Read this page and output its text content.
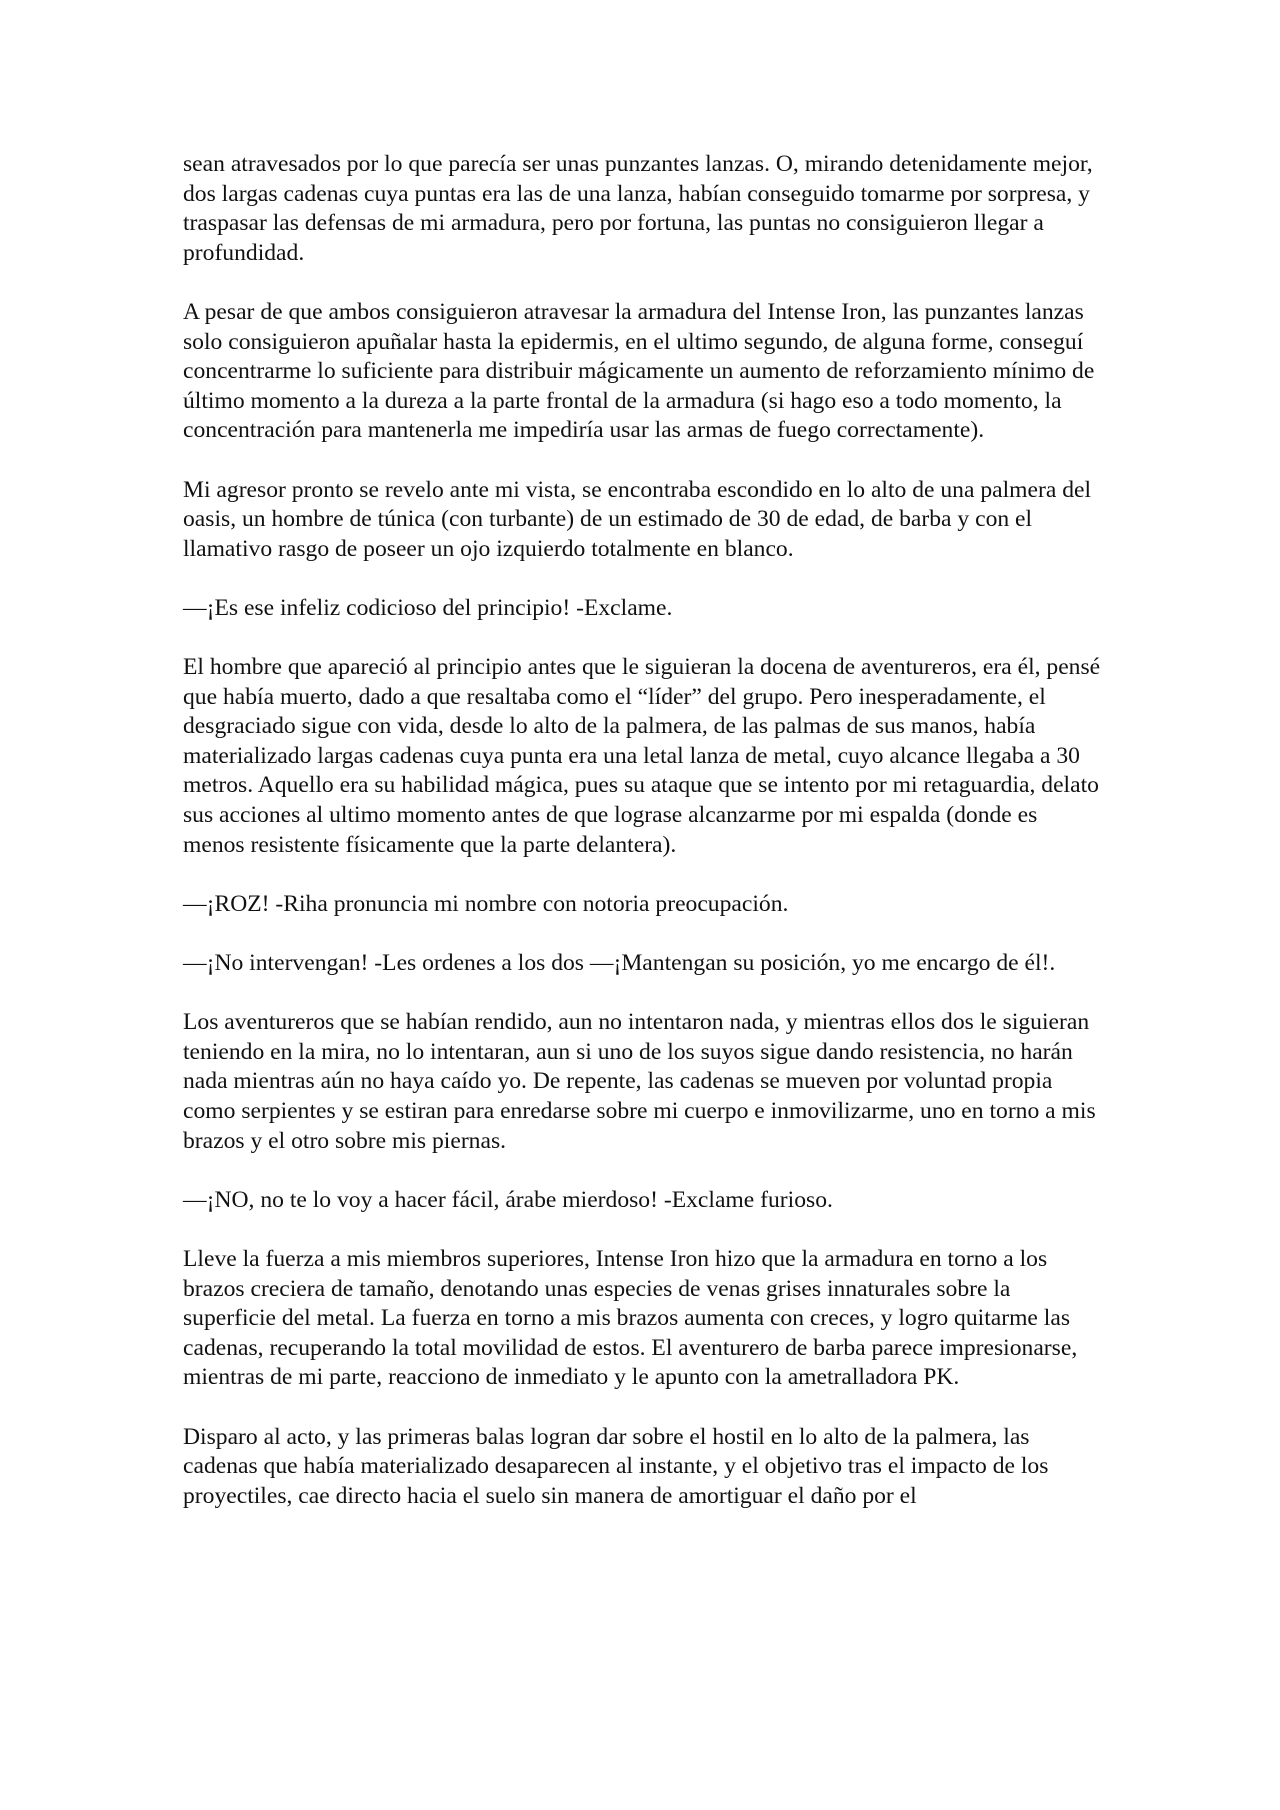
sean atravesados por lo que parecía ser unas punzantes lanzas. O, mirando detenidamente mejor, dos largas cadenas cuya puntas era las de una lanza, habían conseguido tomarme por sorpresa, y traspasar las defensas de mi armadura, pero por fortuna, las puntas no consiguieron llegar a profundidad.

A pesar de que ambos consiguieron atravesar la armadura del Intense Iron, las punzantes lanzas solo consiguieron apuñalar hasta la epidermis, en el ultimo segundo, de alguna forme, conseguí concentrarme lo suficiente para distribuir mágicamente un aumento de reforzamiento mínimo de último momento a la dureza a la parte frontal de la armadura (si hago eso a todo momento, la concentración para mantenerla me impediría usar las armas de fuego correctamente).

Mi agresor pronto se revelo ante mi vista, se encontraba escondido en lo alto de una palmera del oasis, un hombre de túnica (con turbante) de un estimado de 30 de edad, de barba y con el llamativo rasgo de poseer un ojo izquierdo totalmente en blanco.

—¡Es ese infeliz codicioso del principio! -Exclame.

El hombre que apareció al principio antes que le siguieran la docena de aventureros, era él, pensé que había muerto, dado a que resaltaba como el “líder” del grupo. Pero inesperadamente, el desgraciado sigue con vida, desde lo alto de la palmera, de las palmas de sus manos, había materializado largas cadenas cuya punta era una letal lanza de metal, cuyo alcance llegaba a 30 metros. Aquello era su habilidad mágica, pues su ataque que se intento por mi retaguardia, delato sus acciones al ultimo momento antes de que lograse alcanzarme por mi espalda (donde es menos resistente físicamente que la parte delantera).

—¡ROZ! -Riha pronuncia mi nombre con notoria preocupación.

—¡No intervengan! -Les ordenes a los dos —¡Mantengan su posición, yo me encargo de él!.

Los aventureros que se habían rendido, aun no intentaron nada, y mientras ellos dos le siguieran teniendo en la mira, no lo intentaran, aun si uno de los suyos sigue dando resistencia, no harán nada mientras aún no haya caído yo. De repente, las cadenas se mueven por voluntad propia como serpientes y se estiran para enredarse sobre mi cuerpo e inmovilizarme, uno en torno a mis brazos y el otro sobre mis piernas.

—¡NO, no te lo voy a hacer fácil, árabe mierdoso! -Exclame furioso.

Lleve la fuerza a mis miembros superiores, Intense Iron hizo que la armadura en torno a los brazos creciera de tamaño, denotando unas especies de venas grises innaturales sobre la superficie del metal. La fuerza en torno a mis brazos aumenta con creces, y logro quitarme las cadenas, recuperando la total movilidad de estos. El aventurero de barba parece impresionarse, mientras de mi parte, reacciono de inmediato y le apunto con la ametralladora PK.

Disparo al acto, y las primeras balas logran dar sobre el hostil en lo alto de la palmera, las cadenas que había materializado desaparecen al instante, y el objetivo tras el impacto de los proyectiles, cae directo hacia el suelo sin manera de amortiguar el daño por el
